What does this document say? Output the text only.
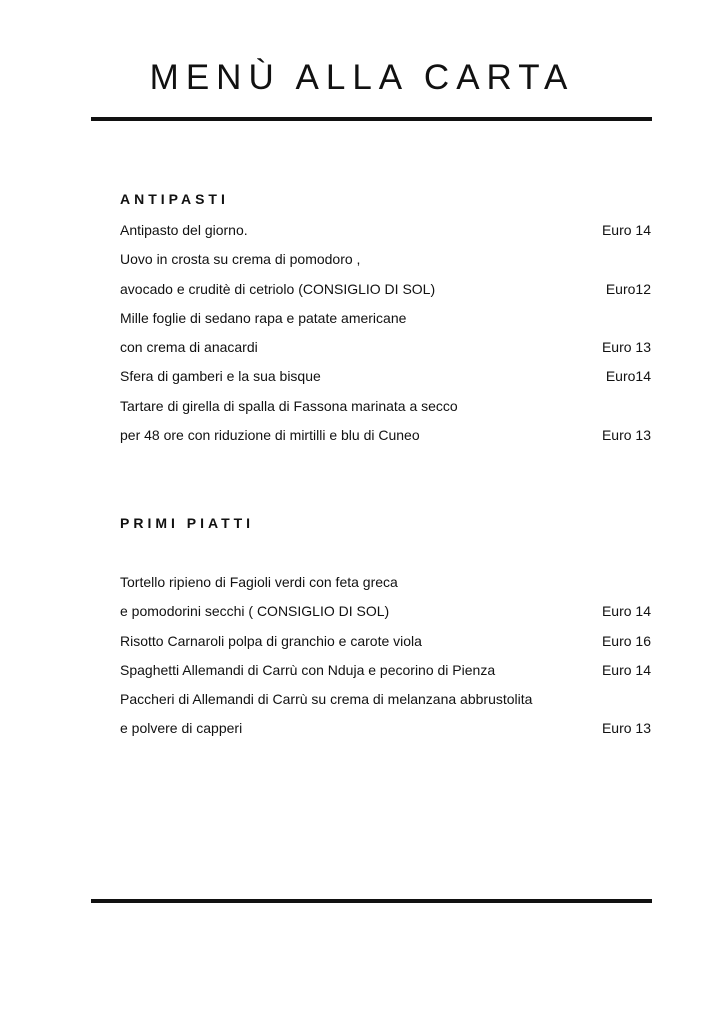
MENÙ ALLA CARTA
ANTIPASTI
Antipasto del giorno.	Euro 14
Uovo in crosta su crema di pomodoro ,
avocado e cruditè di cetriolo (CONSIGLIO DI SOL)	Euro12
Mille foglie di sedano rapa e patate americane
con crema di anacardi	Euro 13
Sfera di gamberi e la sua bisque	Euro14
Tartare di girella di spalla di Fassona marinata a secco
per 48 ore con riduzione di mirtilli e blu di Cuneo	Euro 13
PRIMI PIATTI
Tortello ripieno di Fagioli verdi con feta greca
e pomodorini secchi ( CONSIGLIO DI SOL)	Euro 14
Risotto Carnaroli polpa di granchio e carote viola	Euro 16
Spaghetti Allemandi di Carrù con Nduja e pecorino di Pienza	Euro 14
Paccheri di Allemandi di Carrù su crema di melanzana abbrustolita
e polvere di capperi	Euro 13
